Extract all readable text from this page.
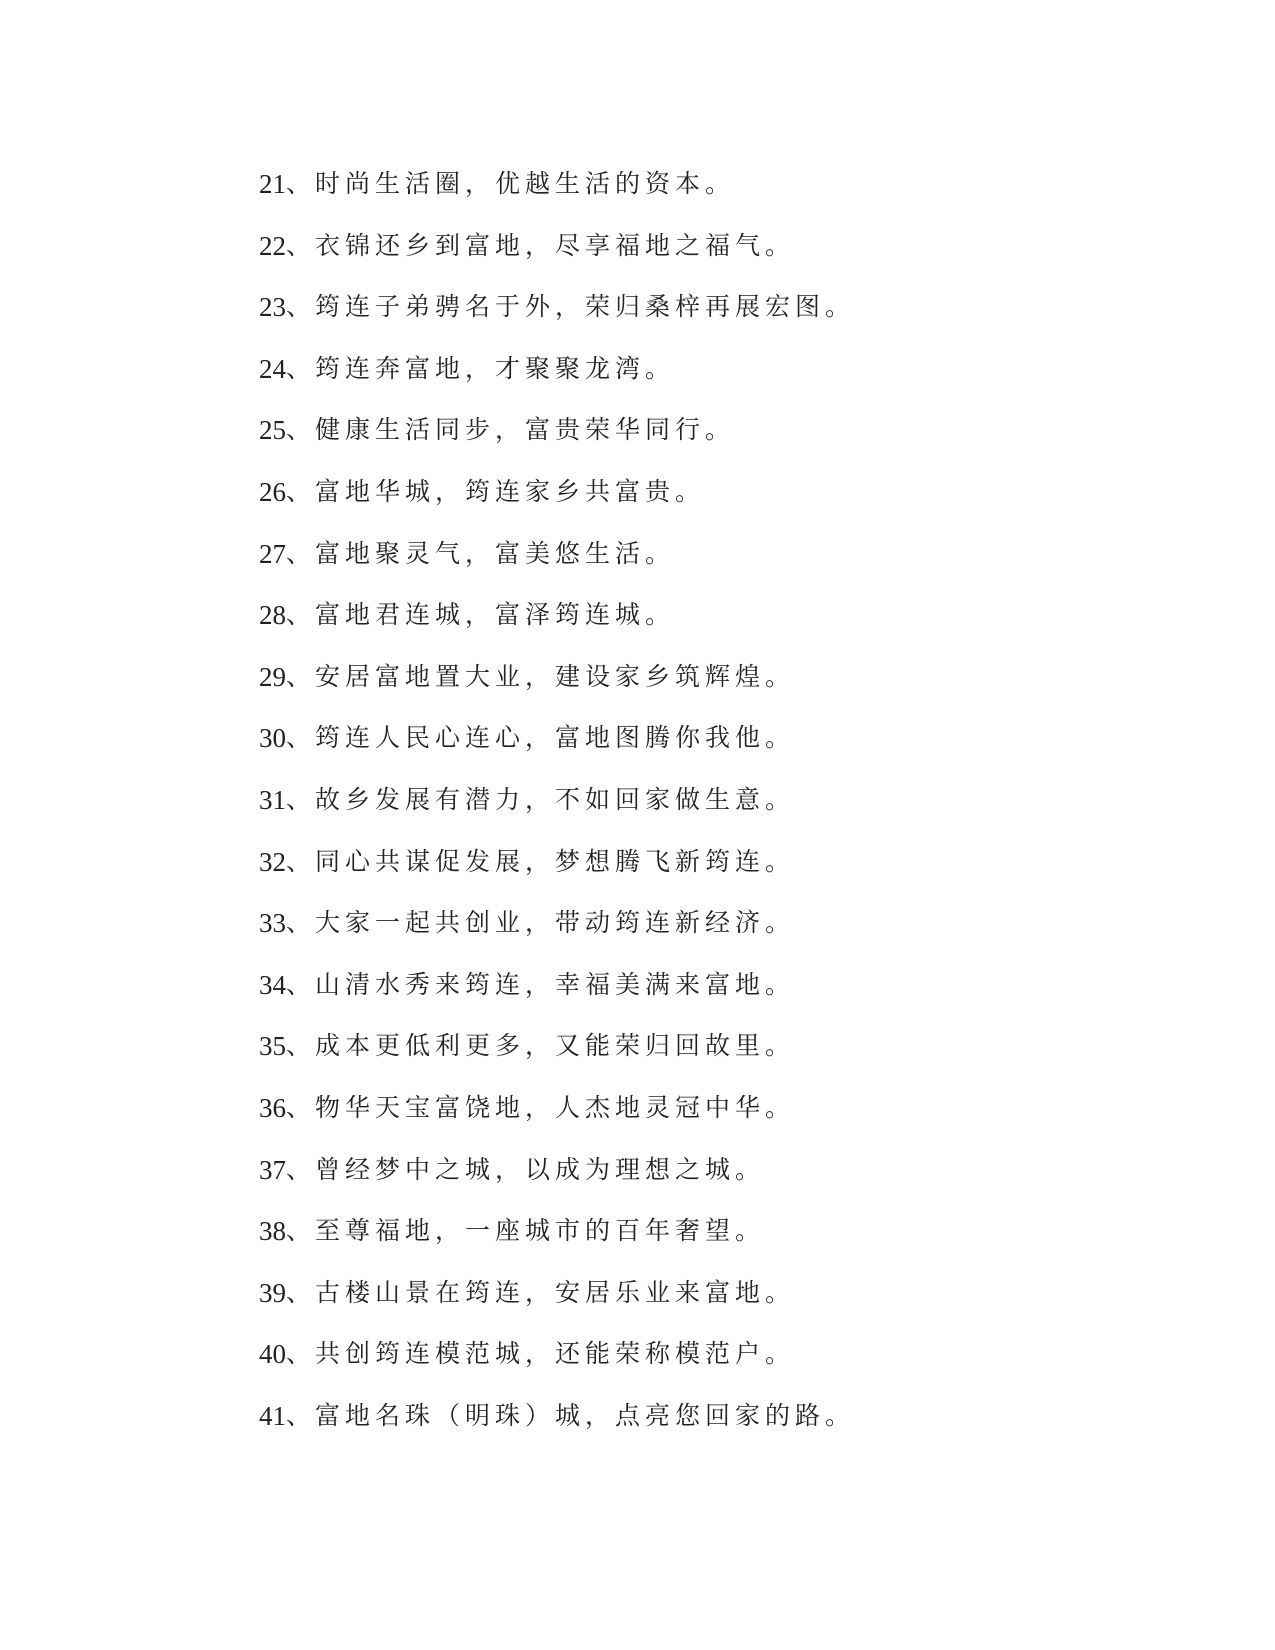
21 、 时尚生活圈，优越生活的资本。
22 、 衣锦还乡到富地，尽享福地之福气。
23 、 筠连子弟骋名于外，荣归桑梓再展宏图。
24 、 筠连奔富地，才聚聚龙湾。
25 、 健康生活同步，富贵荣华同行。
26 、 富地华城，筠连家乡共富贵。
27 、 富地聚灵气，富美悠生活。
28 、 富地君连城，富泽筠连城。
29 、 安居富地置大业，建设家乡筑辉煌。
30 、 筠连人民心连心，富地图腾你我他。
31 、 故乡发展有潜力，不如回家做生意。
32 、 同心共谋促发展，梦想腾飞新筠连。
33 、 大家一起共创业，带动筠连新经济。
34 、 山清水秀来筠连，幸福美满来富地。
35 、 成本更低利更多，又能荣归回故里。
36 、 物华天宝富饶地，人杰地灵冠中华。
37 、 曾经梦中之城，以成为理想之城。
38 、 至尊福地，一座城市的百年奢望。
39 、 古楼山景在筠连，安居乐业来富地。
40 、 共创筠连模范城，还能荣称模范户。
41 、 富地名珠（明珠）城，点亮您回家的路。
